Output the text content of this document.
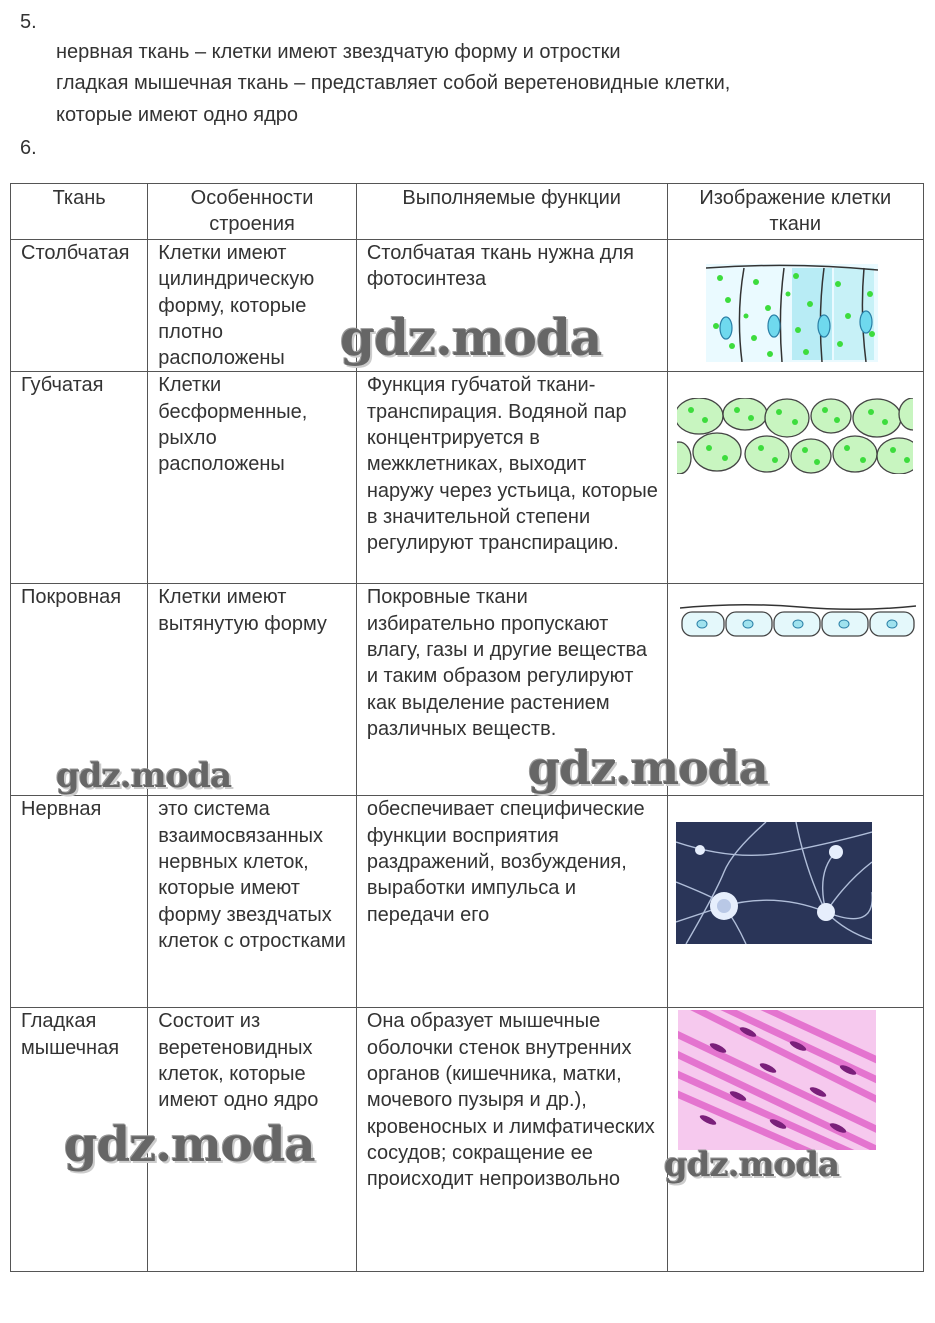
5.
нервная ткань – клетки имеют звездчатую форму и отростки
гладкая мышечная ткань – представляет собой веретеновидные клетки,
которые имеют одно ядро
6.
Ткань	Особенности строения	Выполняемые функции	Изображение клетки ткани
Столбчатая	Клетки имеют цилиндрическую форму, которые плотно расположены	Столбчатая ткань нужна для фотосинтеза	

Губчатая	Клетки бесформенные, рыхло расположены	Функция губчатой ткани-транспирация. Водяной пар концентрируется в межклетниках, выходит наружу через устьица, которые в значительной степени регулируют транспирацию.	

Покровная	Клетки имеют вытянутую форму	Покровные ткани избирательно пропускают влагу, газы и другие вещества и таким образом регулируют как выделение растением различных веществ.	

Нервная	это система взаимосвязанных нервных клеток, которые имеют форму звездчатых клеток с отростками	обеспечивает специфические функции восприятия раздражений, возбуждения, выработки импульса и передачи его	

Гладкая мышечная	Состоит из веретеновидных клеток, которые имеют одно ядро	Она образует мышечные оболочки стенок внутренних органов (кишечника, матки, мочевого пузыря и др.), кровеносных и лимфатических сосудов; сокращение ее происходит непроизвольно	
gdz.moda
gdz.moda	gdz.moda
gdz.moda	gdz.moda
